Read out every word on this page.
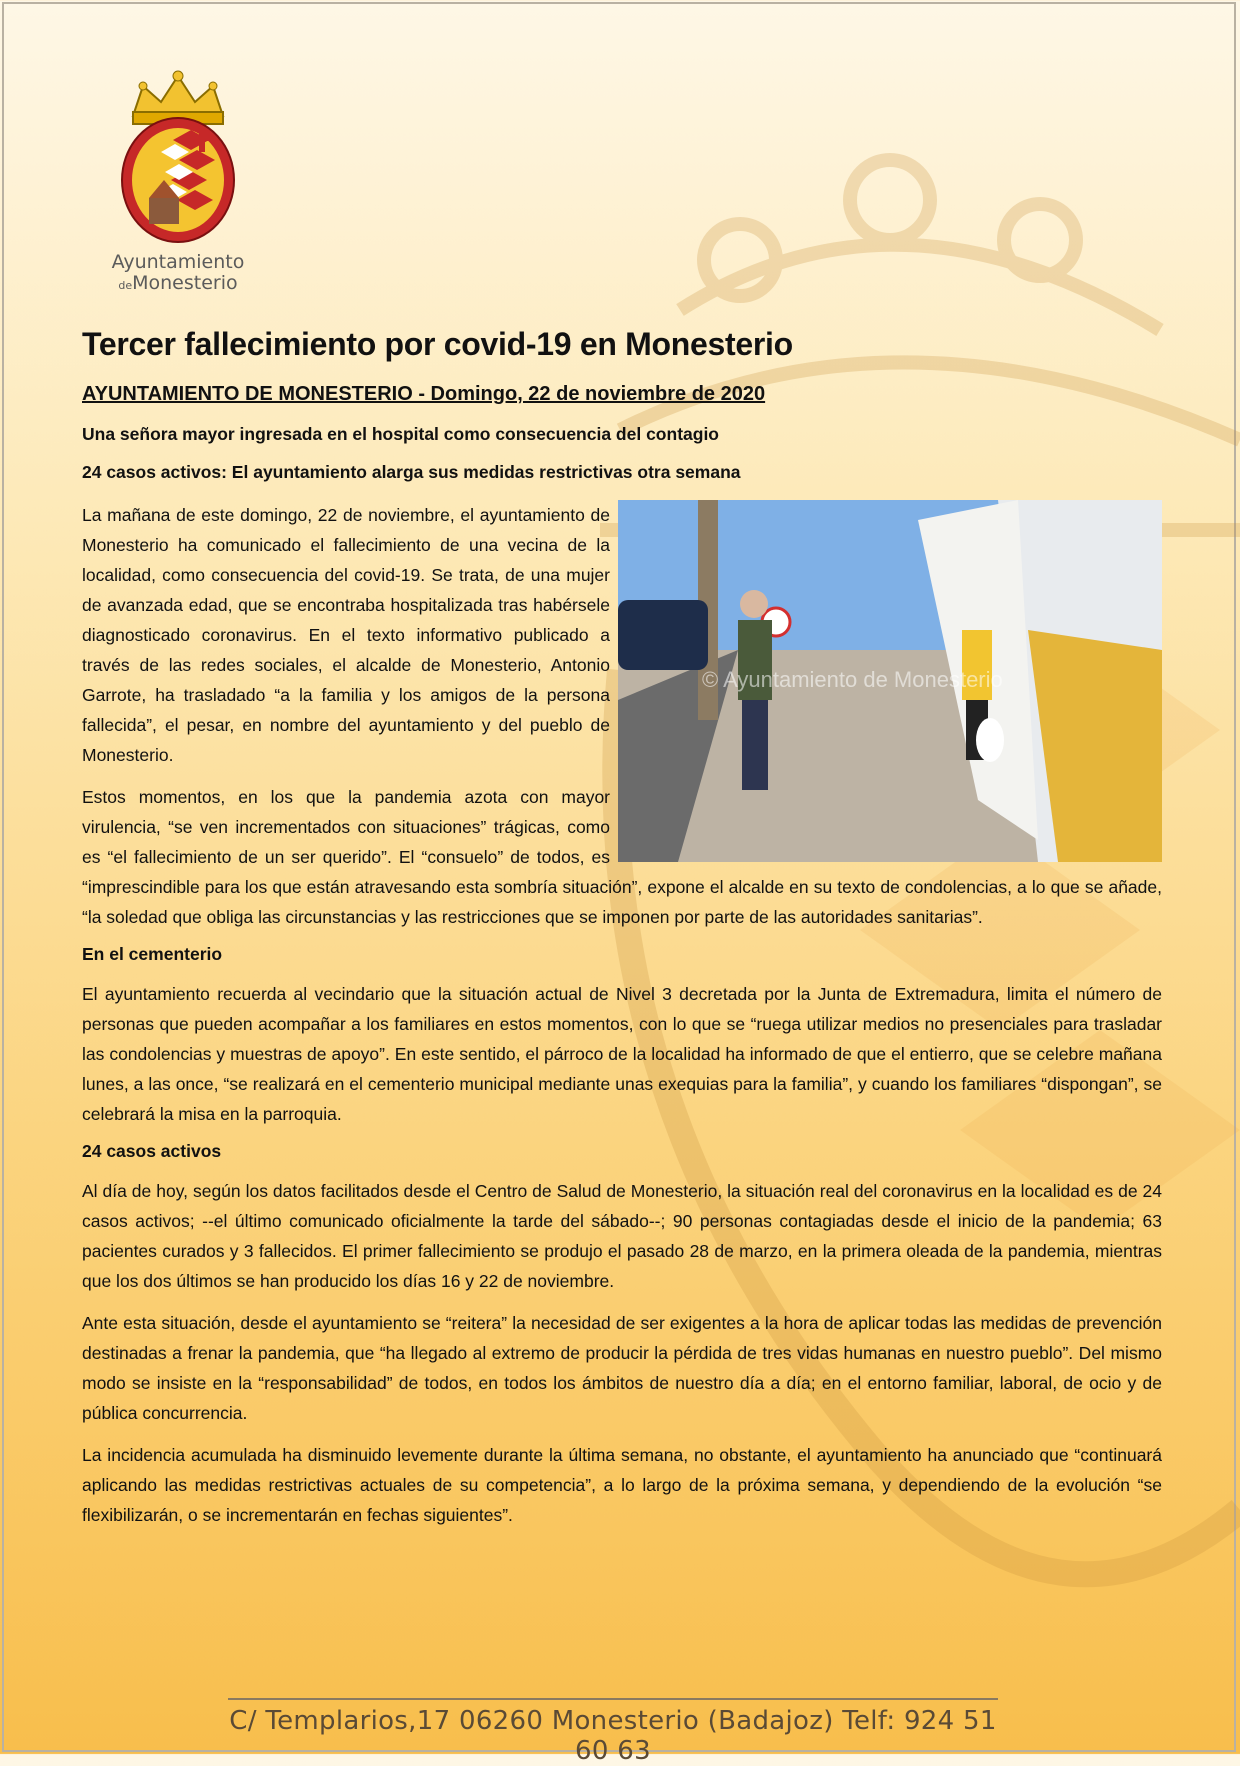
Ayuntamiento
deMonesterio
Tercer fallecimiento por covid-19 en Monesterio
AYUNTAMIENTO DE MONESTERIO - Domingo, 22 de noviembre de 2020
Una señora mayor ingresada en el hospital como consecuencia del contagio
24 casos activos: El ayuntamiento alarga sus medidas restrictivas otra semana
© Ayuntamiento de Monesterio

La mañana de este domingo, 22 de noviembre, el ayuntamiento de Monesterio ha comunicado el fallecimiento de una vecina de la localidad, como consecuencia del covid-19. Se trata, de una mujer de avanzada edad, que se encontraba hospitalizada tras habérsele diagnosticado coronavirus. En el texto informativo publicado a través de las redes sociales, el alcalde de Monesterio, Antonio Garrote, ha trasladado “a la familia y los amigos de la persona fallecida”, el pesar, en nombre del ayuntamiento y del pueblo de Monesterio.

Estos momentos, en los que la pandemia azota con mayor virulencia, “se ven incrementados con situaciones” trágicas, como es “el fallecimiento de un ser querido”. El “consuelo” de todos, es “imprescindible para los que están atravesando esta sombría situación”, expone el alcalde en su texto de condolencias, a lo que se añade, “la soledad que obliga las circunstancias y las restricciones que se imponen por parte de las autoridades sanitarias”.

En el cementerio

El ayuntamiento recuerda al vecindario que la situación actual de Nivel 3 decretada por la Junta de Extremadura, limita el número de personas que pueden acompañar a los familiares en estos momentos, con lo que se “ruega utilizar medios no presenciales para trasladar las condolencias y muestras de apoyo”. En este sentido, el párroco de la localidad ha informado de que el entierro, que se celebre mañana lunes, a las once, “se realizará en el cementerio municipal mediante unas exequias para la familia”, y cuando los familiares “dispongan”, se celebrará la misa en la parroquia.

24 casos activos

Al día de hoy, según los datos facilitados desde el Centro de Salud de Monesterio, la situación real del coronavirus en la localidad es de 24 casos activos; --el último comunicado oficialmente la tarde del sábado--; 90 personas contagiadas desde el inicio de la pandemia; 63 pacientes curados y 3 fallecidos. El primer fallecimiento se produjo el pasado 28 de marzo, en la primera oleada de la pandemia, mientras que los dos últimos se han producido los días 16 y 22 de noviembre.

Ante esta situación, desde el ayuntamiento se “reitera” la necesidad de ser exigentes a la hora de aplicar todas las medidas de prevención destinadas a frenar la pandemia, que “ha llegado al extremo de producir la pérdida de tres vidas humanas en nuestro pueblo”. Del mismo modo se insiste en la “responsabilidad” de todos, en todos los ámbitos de nuestro día a día; en el entorno familiar, laboral, de ocio y de pública concurrencia.

La incidencia acumulada ha disminuido levemente durante la última semana, no obstante, el ayuntamiento ha anunciado que “continuará aplicando las medidas restrictivas actuales de su competencia”, a lo largo de la próxima semana, y dependiendo de la evolución “se flexibilizarán, o se incrementarán en fechas siguientes”.

C/ Templarios,17 06260 Monesterio (Badajoz) Telf: 924 51 60 63
